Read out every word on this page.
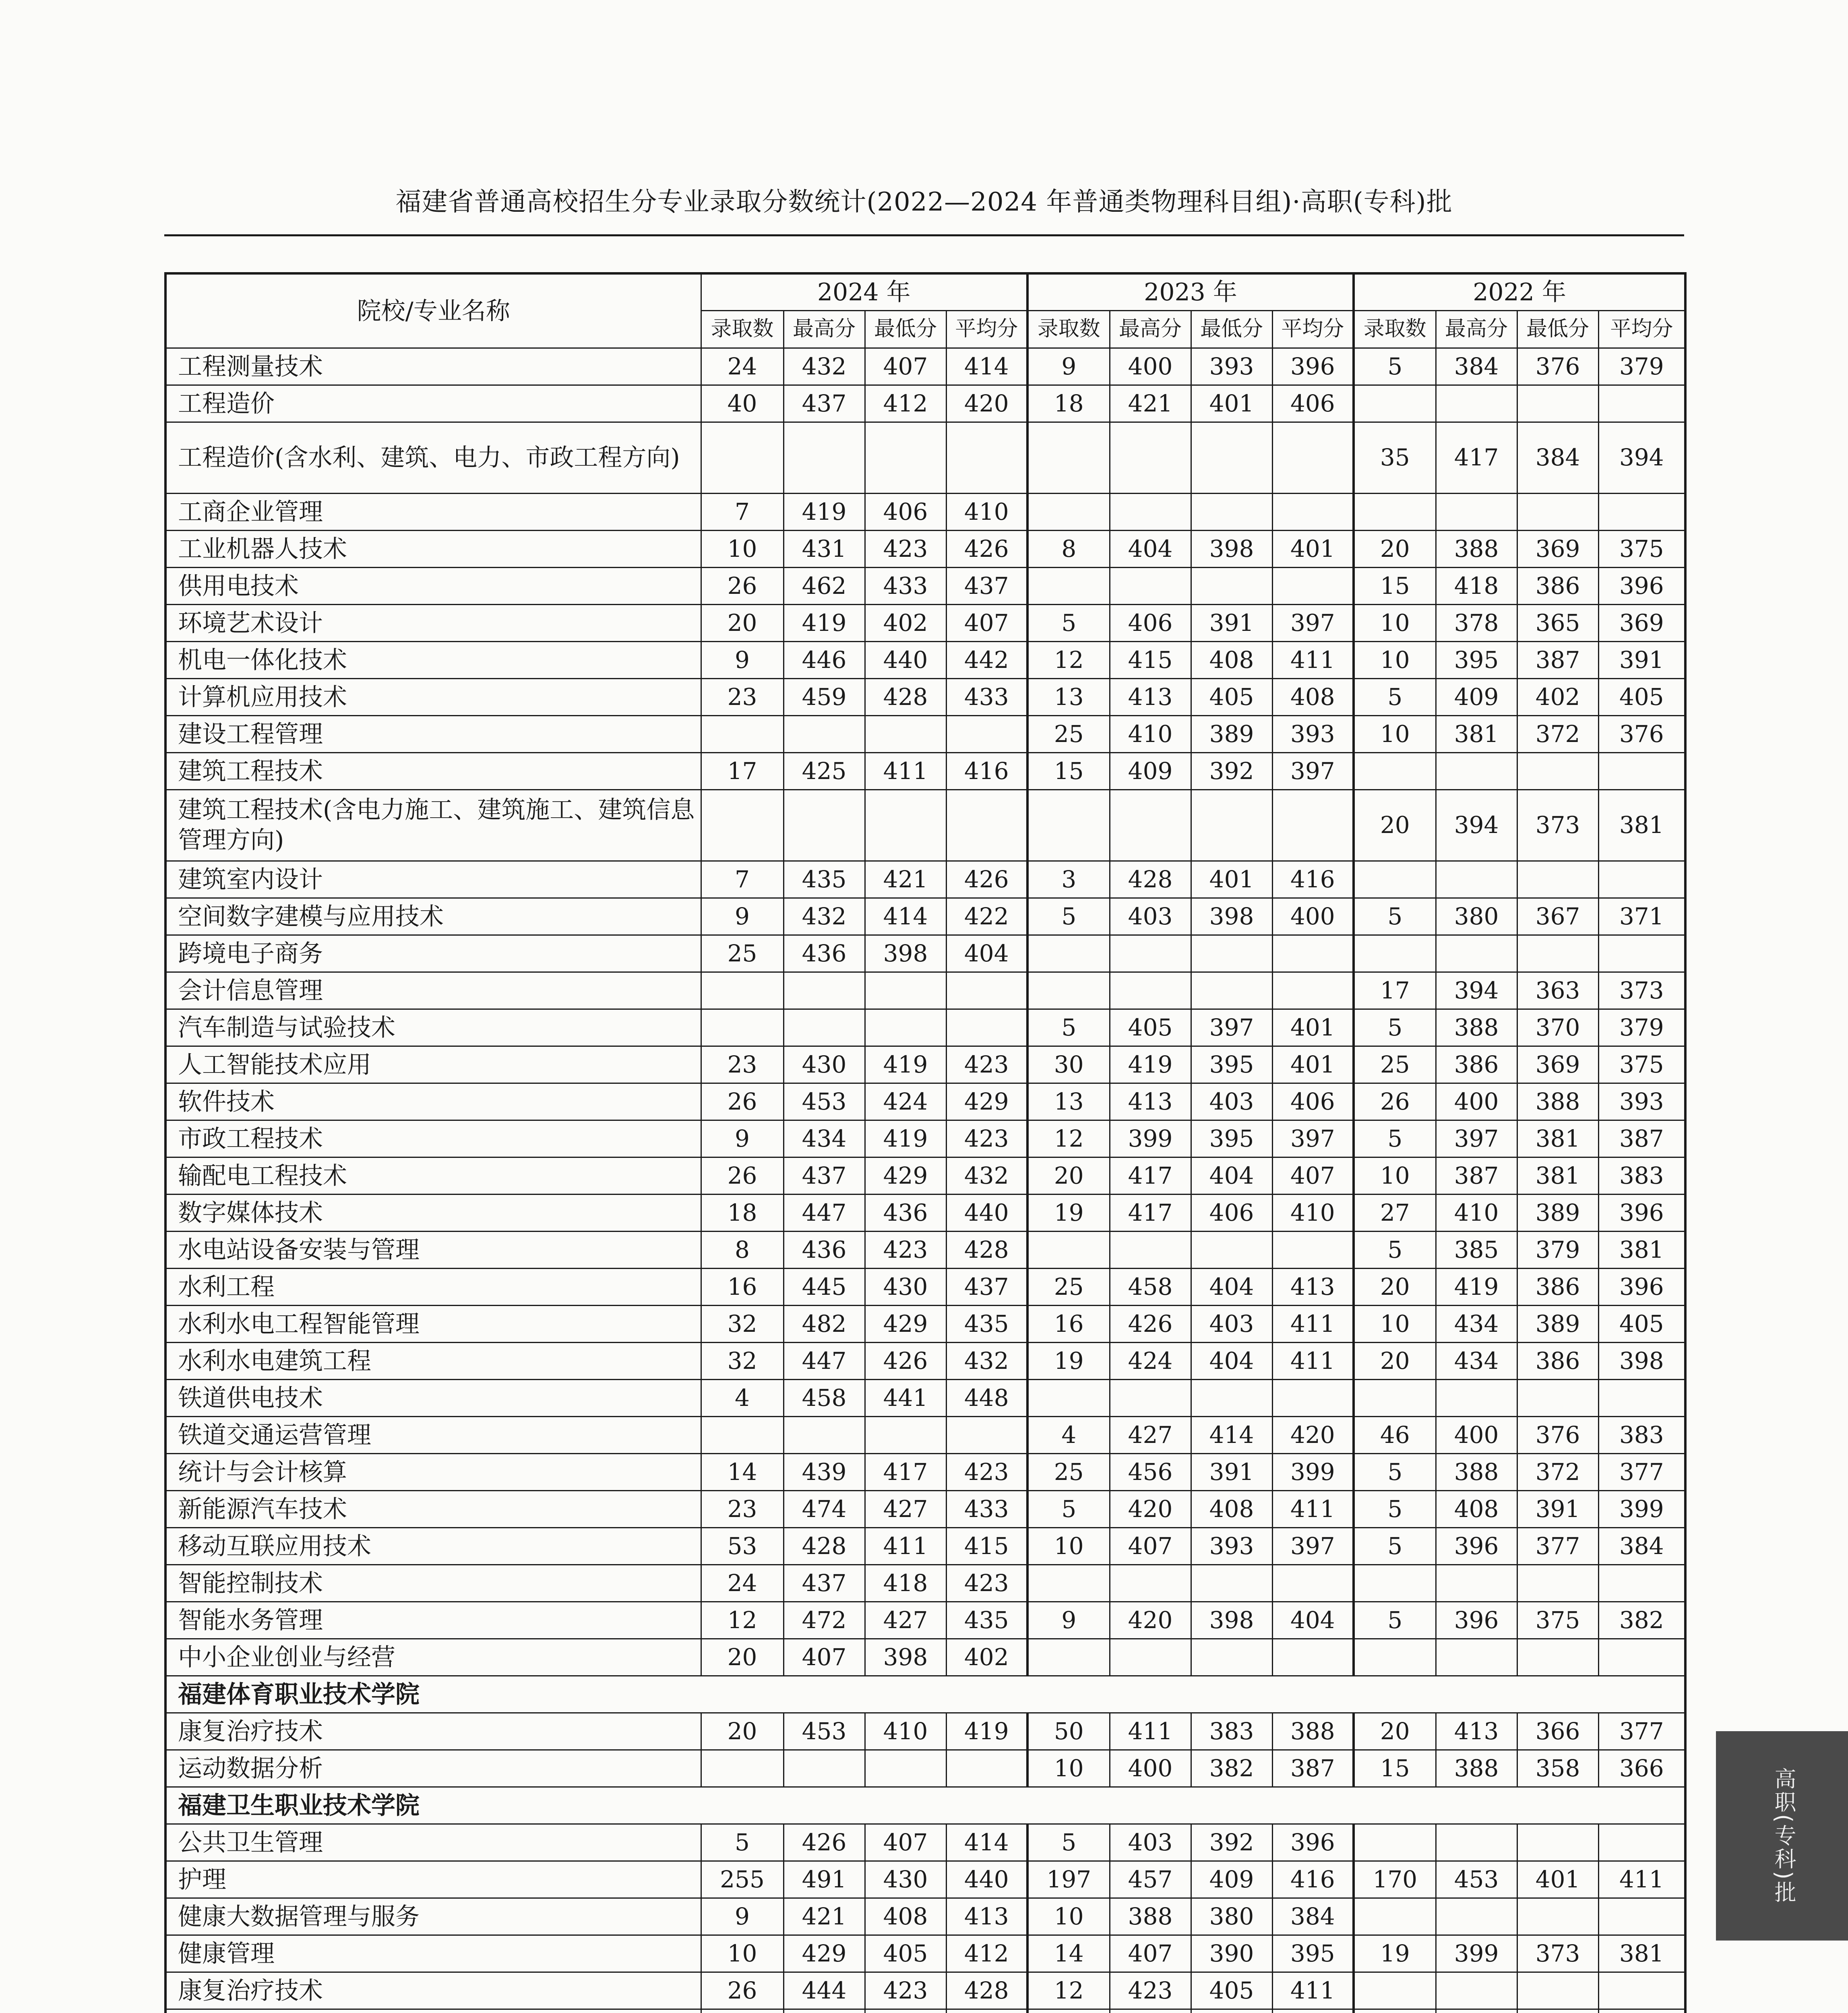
福建省普通高校招生分专业录取分数统计(2022—2024 年普通类物理科目组)·高职(专科)批
院校/专业名称	2024 年				2023 年				2022 年			
	录取数	最高分	最低分	平均分	录取数	最高分	最低分	平均分	录取数	最高分	最低分	平均分
工程测量技术	24	432	407	414	9	400	393	396	5	384	376	379
工程造价	40	437	412	420	18	421	401	406				
工程造价(含水利、建筑、电力、市政工程方向)									35	417	384	394
工商企业管理	7	419	406	410								
工业机器人技术	10	431	423	426	8	404	398	401	20	388	369	375
供用电技术	26	462	433	437					15	418	386	396
环境艺术设计	20	419	402	407	5	406	391	397	10	378	365	369
机电一体化技术	9	446	440	442	12	415	408	411	10	395	387	391
计算机应用技术	23	459	428	433	13	413	405	408	5	409	402	405
建设工程管理					25	410	389	393	10	381	372	376
建筑工程技术	17	425	411	416	15	409	392	397				
建筑工程技术(含电力施工、建筑施工、建筑信息管理方向)									20	394	373	381
建筑室内设计	7	435	421	426	3	428	401	416				
空间数字建模与应用技术	9	432	414	422	5	403	398	400	5	380	367	371
跨境电子商务	25	436	398	404								
会计信息管理									17	394	363	373
汽车制造与试验技术					5	405	397	401	5	388	370	379
人工智能技术应用	23	430	419	423	30	419	395	401	25	386	369	375
软件技术	26	453	424	429	13	413	403	406	26	400	388	393
市政工程技术	9	434	419	423	12	399	395	397	5	397	381	387
输配电工程技术	26	437	429	432	20	417	404	407	10	387	381	383
数字媒体技术	18	447	436	440	19	417	406	410	27	410	389	396
水电站设备安装与管理	8	436	423	428					5	385	379	381
水利工程	16	445	430	437	25	458	404	413	20	419	386	396
水利水电工程智能管理	32	482	429	435	16	426	403	411	10	434	389	405
水利水电建筑工程	32	447	426	432	19	424	404	411	20	434	386	398
铁道供电技术	4	458	441	448								
铁道交通运营管理					4	427	414	420	46	400	376	383
统计与会计核算	14	439	417	423	25	456	391	399	5	388	372	377
新能源汽车技术	23	474	427	433	5	420	408	411	5	408	391	399
移动互联应用技术	53	428	411	415	10	407	393	397	5	396	377	384
智能控制技术	24	437	418	423								
智能水务管理	12	472	427	435	9	420	398	404	5	396	375	382
中小企业创业与经营	20	407	398	402								
福建体育职业技术学院												
康复治疗技术	20	453	410	419	50	411	383	388	20	413	366	377
运动数据分析					10	400	382	387	15	388	358	366
福建卫生职业技术学院												
公共卫生管理	5	426	407	414	5	403	392	396				
护理	255	491	430	440	197	457	409	416	170	453	401	411
健康大数据管理与服务	9	421	408	413	10	388	380	384				
健康管理	10	429	405	412	14	407	390	395	19	399	373	381
康复治疗技术	26	444	423	428	12	423	405	411				

高职(专科)批
